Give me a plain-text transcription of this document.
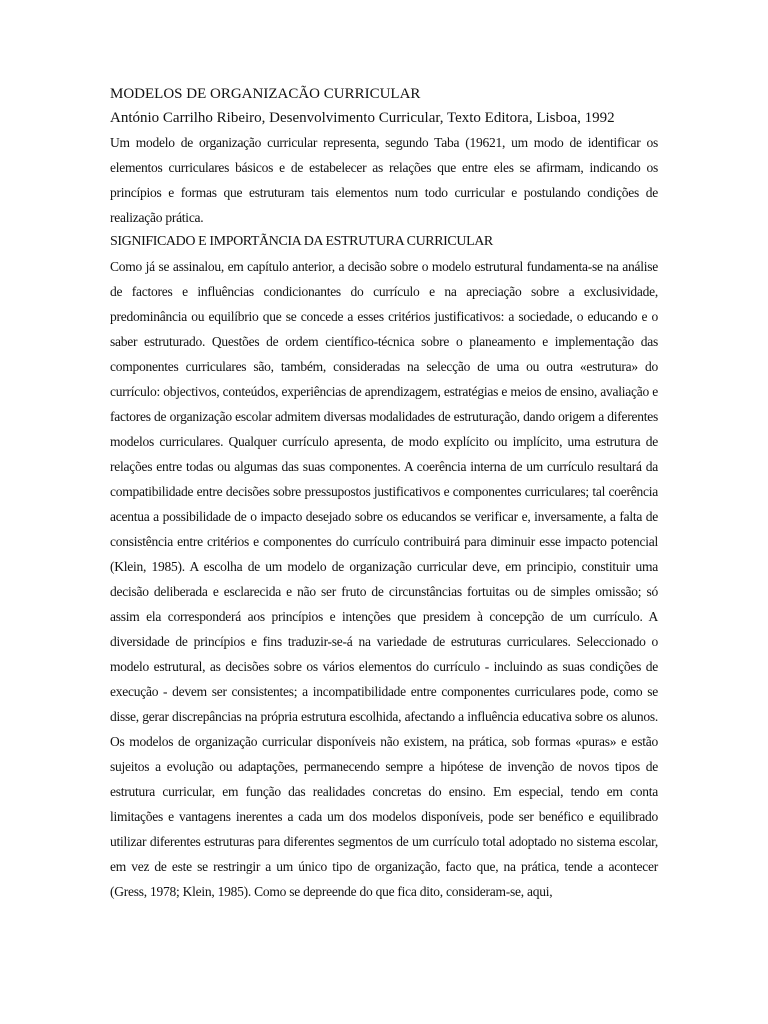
MODELOS DE ORGANIZACÃO CURRICULAR

António Carrilho Ribeiro, Desenvolvimento Curricular, Texto Editora, Lisboa, 1992

Um modelo de organização curricular representa, segundo Taba (19621, um modo de identificar os elementos curriculares básicos e de estabelecer as relações que entre eles se afirmam, indicando os princípios e formas que estruturam tais elementos num todo curricular e postulando condições de realização prática.

SIGNIFICADO E IMPORTÃNCIA DA ESTRUTURA CURRICULAR

Como já se assinalou, em capítulo anterior, a decisão sobre o modelo estrutural fundamenta-se na análise de factores e influências condicionantes do currículo e na apreciação sobre a exclusividade, predominância ou equilíbrio que se concede a esses critérios justificativos: a sociedade, o educando e o saber estruturado. Questões de ordem científico-técnica sobre o planeamento e implementação das componentes curriculares são, também, consideradas na selecção de uma ou outra «estrutura» do currículo: objectivos, conteúdos, experiências de aprendizagem, estratégias e meios de ensino, avaliação e factores de organização escolar admitem diversas modalidades de estruturação, dando origem a diferentes modelos curriculares. Qualquer currículo apresenta, de modo explícito ou implícito, uma estrutura de relações entre todas ou algumas das suas componentes. A coerência interna de um currículo resultará da compatibilidade entre decisões sobre pressupostos justificativos e componentes curriculares; tal coerência acentua a possibilidade de o impacto desejado sobre os educandos se verificar e, inversamente, a falta de consistência entre critérios e componentes do currículo contribuirá para diminuir esse impacto potencial (Klein, 1985). A escolha de um modelo de organização curricular deve, em principio, constituir uma decisão deliberada e esclarecida e não ser fruto de circunstâncias fortuitas ou de simples omissão; só assim ela corresponderá aos princípios e intenções que presidem à concepção de um currículo. A diversidade de princípios e fins traduzir-se-á na variedade de estruturas curriculares. Seleccionado o modelo estrutural, as decisões sobre os vários elementos do currículo - incluindo as suas condições de execução - devem ser consistentes; a incompatibilidade entre componentes curriculares pode, como se disse, gerar discrepâncias na própria estrutura escolhida, afectando a influência educativa sobre os alunos. Os modelos de organização curricular disponíveis não existem, na prática, sob formas «puras» e estão sujeitos a evolução ou adaptações, permanecendo sempre a hipótese de invenção de novos tipos de estrutura curricular, em função das realidades concretas do ensino. Em especial, tendo em conta limitações e vantagens inerentes a cada um dos modelos disponíveis, pode ser benéfico e equilibrado utilizar diferentes estruturas para diferentes segmentos de um currículo total adoptado no sistema escolar, em vez de este se restringir a um único tipo de organização, facto que, na prática, tende a acontecer (Gress, 1978; Klein, 1985). Como se depreende do que fica dito, consideram-se, aqui,
